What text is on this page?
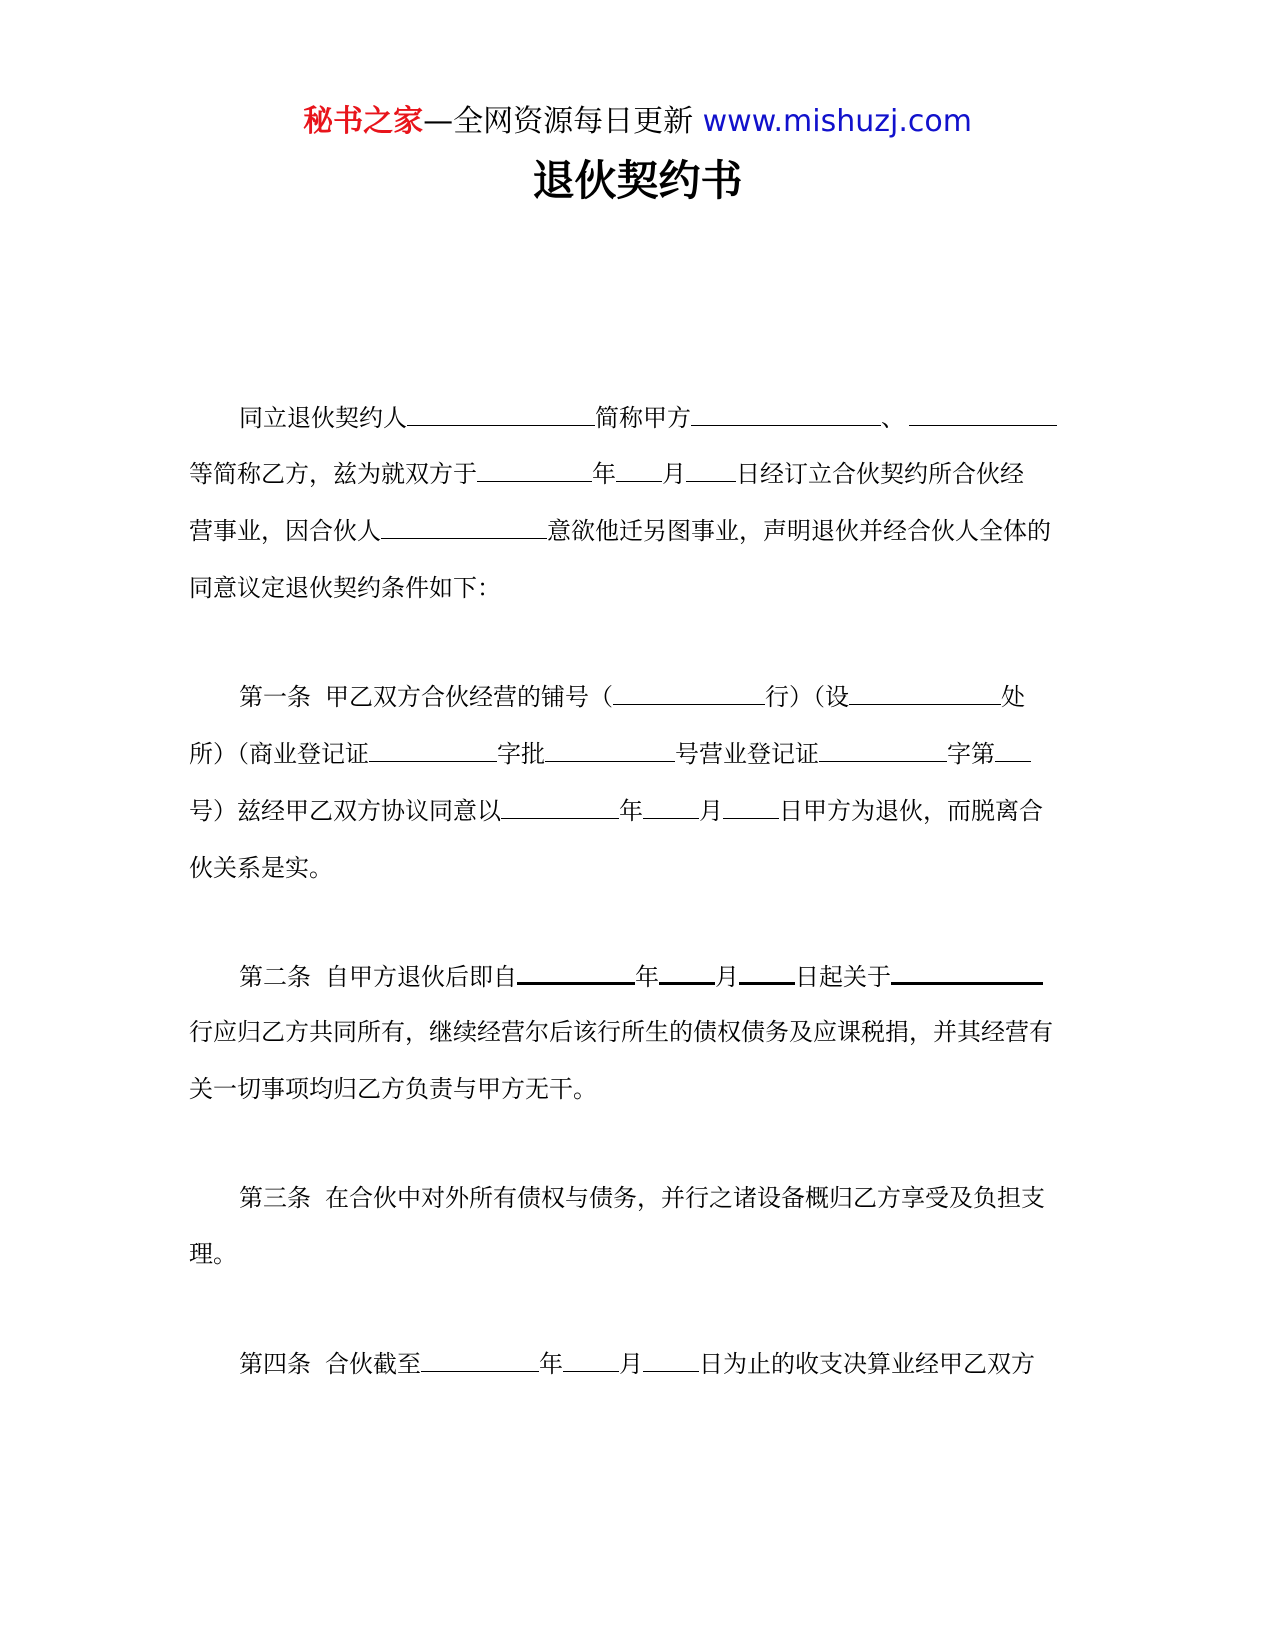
秘书之家—全网资源每日更新 www.mishuzj.com
退伙契约书
同立退伙契约人	简称甲方	、
等简称乙方，兹为就双方于	年 月 日经订立合伙契约所合伙经
营事业，因合伙人	意欲他迁另图事业，声明退伙并经合伙人全体的
同意议定退伙契约条件如下：
第一条 甲乙双方合伙经营的铺号（	行）（设	处
所）（商业登记证	字批	号营业登记证	字第
号）兹经甲乙双方协议同意以	年 月 日甲方为退伙，而脱离合
伙关系是实。
第二条 自甲方退伙后即自	年 月 日起关于
行应归乙方共同所有，继续经营尔后该行所生的债权债务及应课税捐，并其经营有
关一切事项均归乙方负责与甲方无干。
第三条 在合伙中对外所有债权与债务，并行之诸设备概归乙方享受及负担支
理。
第四条 合伙截至	年 月 日为止的收支决算业经甲乙双方
